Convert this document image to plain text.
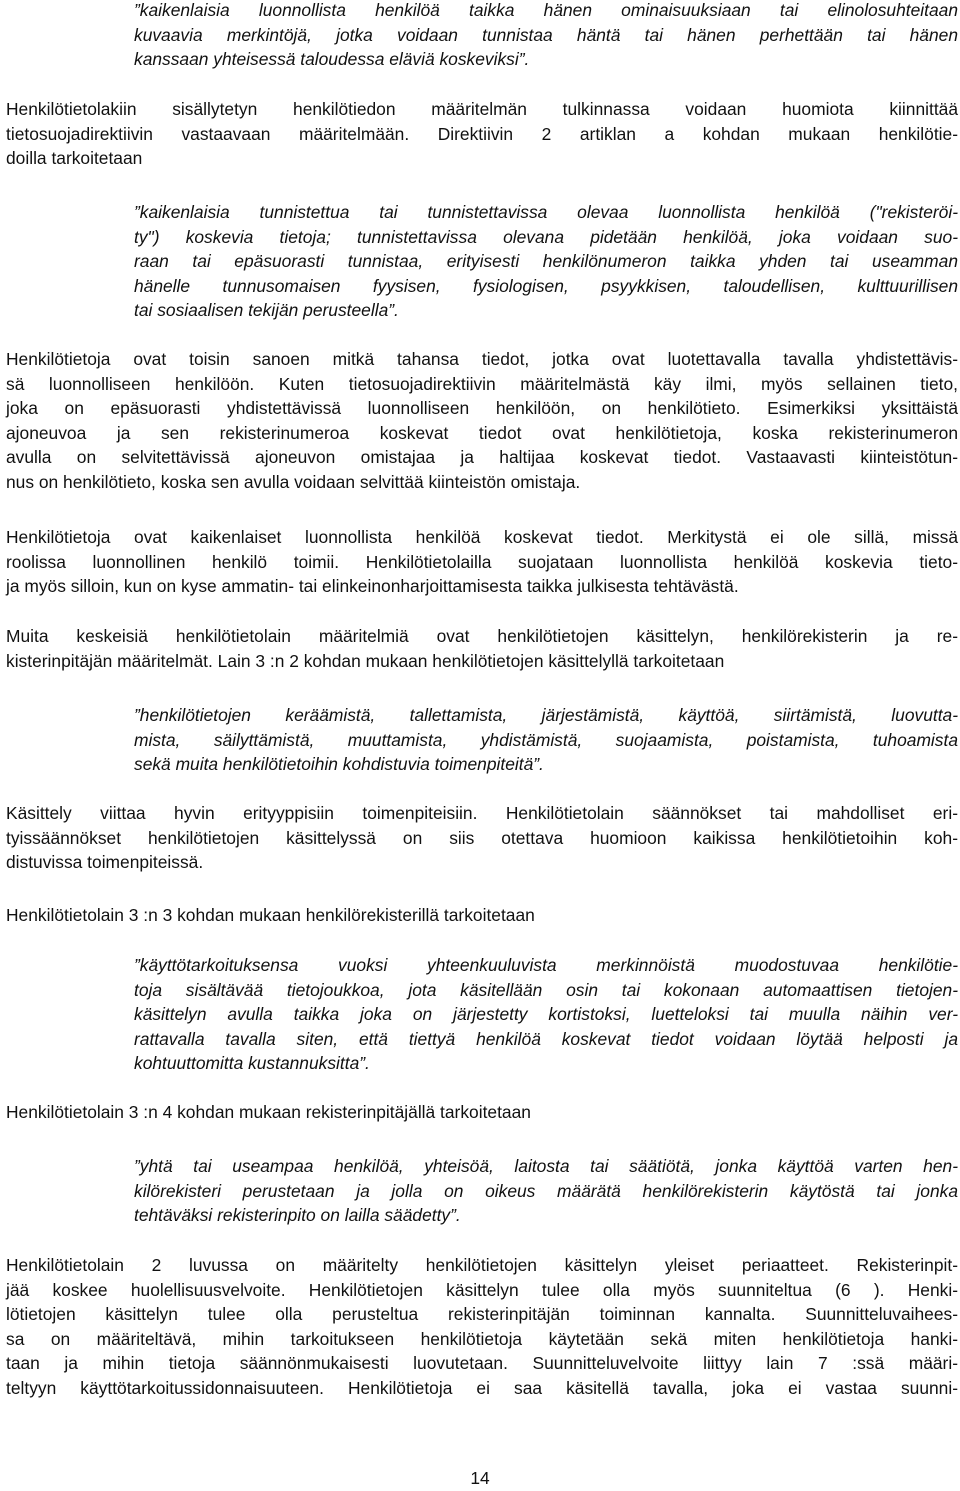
”kaikenlaisia luonnollista henkilöä taikka hänen ominaisuuksiaan tai elinolosuhteitaan
kuvaavia merkintöjä, jotka voidaan tunnistaa häntä tai hänen perhettään tai hänen
kanssaan yhteisessä taloudessa eläviä koskeviksi”.
Henkilötietolakiin sisällytetyn henkilötiedon määritelmän tulkinnassa voidaan huomiota kiinnittää
tietosuojadirektiivin vastaavaan määritelmään. Direktiivin 2 artiklan a kohdan mukaan henkilötie-
doilla tarkoitetaan
”kaikenlaisia tunnistettua tai tunnistettavissa olevaa luonnollista henkilöä ("rekisteröi-
ty") koskevia tietoja; tunnistettavissa olevana pidetään henkilöä, joka voidaan suo-
raan tai epäsuorasti tunnistaa, erityisesti henkilönumeron taikka yhden tai useamman
hänelle tunnusomaisen fyysisen, fysiologisen, psyykkisen, taloudellisen, kulttuurillisen
tai sosiaalisen tekijän perusteella”.
Henkilötietoja ovat toisin sanoen mitkä tahansa tiedot, jotka ovat luotettavalla tavalla yhdistettävis-
sä luonnolliseen henkilöön. Kuten tietosuojadirektiivin määritelmästä käy ilmi, myös sellainen tieto,
joka on epäsuorasti yhdistettävissä luonnolliseen henkilöön, on henkilötieto. Esimerkiksi yksittäistä
ajoneuvoa ja sen rekisterinumeroa koskevat tiedot ovat henkilötietoja, koska rekisterinumeron
avulla on selvitettävissä ajoneuvon omistajaa ja haltijaa koskevat tiedot. Vastaavasti kiinteistötun-
nus on henkilötieto, koska sen avulla voidaan selvittää kiinteistön omistaja.
Henkilötietoja ovat kaikenlaiset luonnollista henkilöä koskevat tiedot. Merkitystä ei ole sillä, missä
roolissa luonnollinen henkilö toimii. Henkilötietolailla suojataan luonnollista henkilöä koskevia tieto-
ja myös silloin, kun on kyse ammatin- tai elinkeinonharjoittamisesta taikka julkisesta tehtävästä.
Muita keskeisiä henkilötietolain määritelmiä ovat henkilötietojen käsittelyn, henkilörekisterin ja re-
kisterinpitäjän määritelmät. Lain 3 :n 2 kohdan mukaan henkilötietojen käsittelyllä tarkoitetaan
”henkilötietojen keräämistä, tallettamista, järjestämistä, käyttöä, siirtämistä, luovutta-
mista, säilyttämistä, muuttamista, yhdistämistä, suojaamista, poistamista, tuhoamista
sekä muita henkilötietoihin kohdistuvia toimenpiteitä”.
Käsittely viittaa hyvin erityyppisiin toimenpiteisiin. Henkilötietolain säännökset tai mahdolliset eri-
tyissäännökset henkilötietojen käsittelyssä on siis otettava huomioon kaikissa henkilötietoihin koh-
distuvissa toimenpiteissä.
Henkilötietolain 3 :n 3 kohdan mukaan henkilörekisterillä tarkoitetaan
”käyttötarkoituksensa vuoksi yhteenkuuluvista merkinnöistä muodostuvaa henkilötie-
toja sisältävää tietojoukkoa, jota käsitellään osin tai kokonaan automaattisen tietojen-
käsittelyn avulla taikka joka on järjestetty kortistoksi, luetteloksi tai muulla näihin ver-
rattavalla tavalla siten, että tiettyä henkilöä koskevat tiedot voidaan löytää helposti ja
kohtuuttomitta kustannuksitta”.
Henkilötietolain 3 :n 4 kohdan mukaan rekisterinpitäjällä tarkoitetaan
”yhtä tai useampaa henkilöä, yhteisöä, laitosta tai säätiötä, jonka käyttöä varten hen-
kilörekisteri perustetaan ja jolla on oikeus määrätä henkilörekisterin käytöstä tai jonka
tehtäväksi rekisterinpito on lailla säädetty”.
Henkilötietolain 2 luvussa on määritelty henkilötietojen käsittelyn yleiset periaatteet. Rekisterinpit-
jää koskee huolellisuusvelvoite. Henkilötietojen käsittelyn tulee olla myös suunniteltua (6 ). Henki-
lötietojen käsittelyn tulee olla perusteltua rekisterinpitäjän toiminnan kannalta. Suunnitteluvaihees-
sa on määriteltävä, mihin tarkoitukseen henkilötietoja käytetään sekä miten henkilötietoja hanki-
taan ja mihin tietoja säännönmukaisesti luovutetaan. Suunnitteluvelvoite liittyy lain 7 :ssä määri-
teltyyn käyttötarkoitussidonnaisuuteen. Henkilötietoja ei saa käsitellä tavalla, joka ei vastaa suunni-
14
